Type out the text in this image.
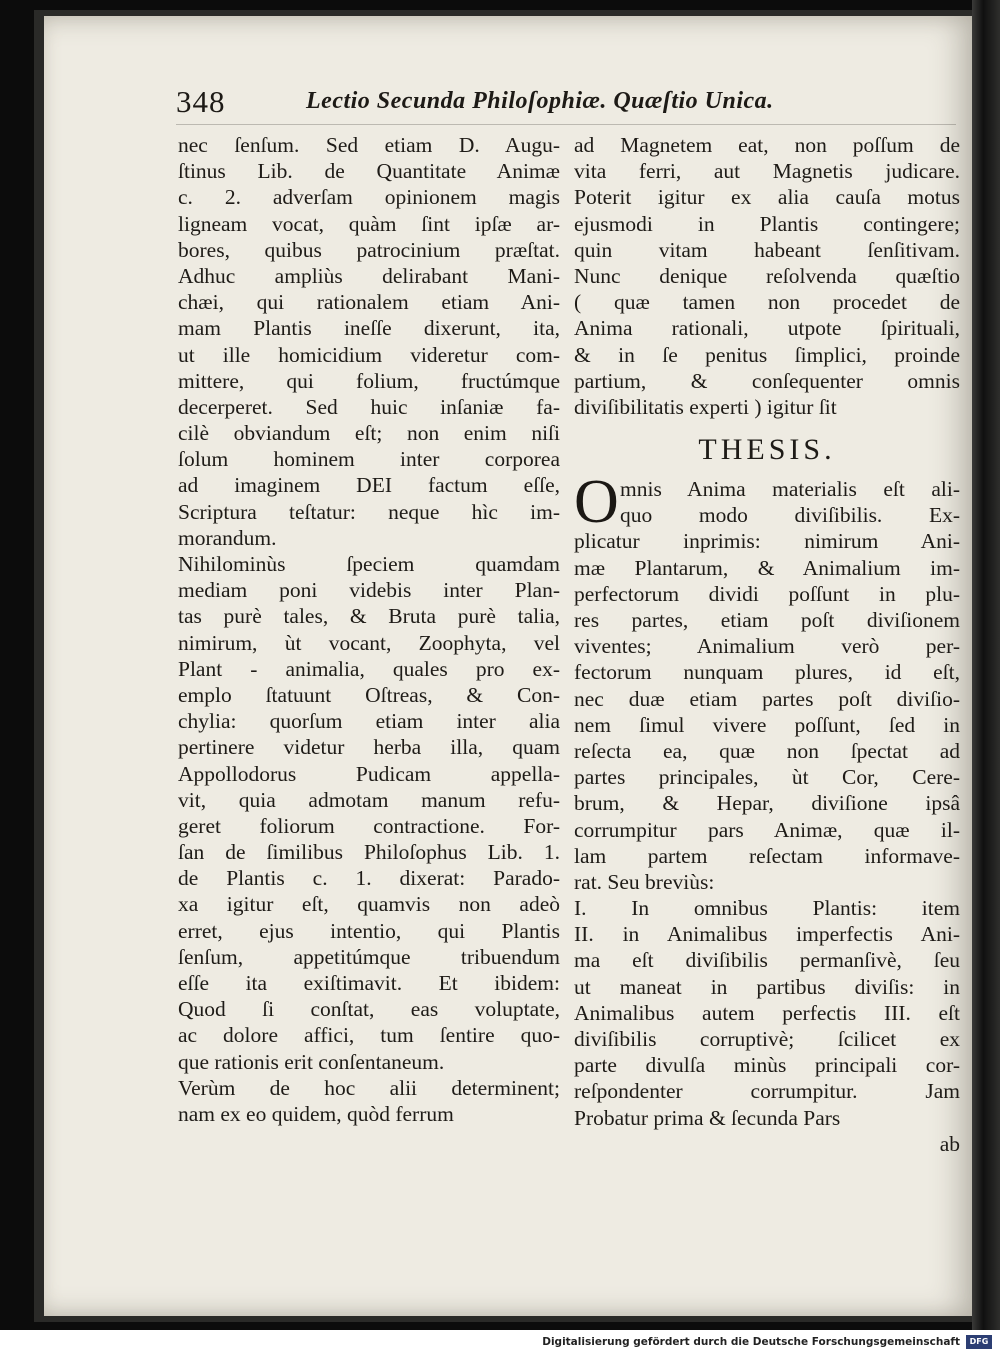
348	Lectio Secunda Philoſophiæ. Quæſtio Unica.
nec ſenſum. Sed etiam D. Augu-
ſtinus Lib. de Quantitate Animæ
c. 2. adverſam opinionem magis
ligneam vocat, quàm ſint ipſæ ar-
bores, quibus patrocinium præſtat.
Adhuc ampliùs delirabant Mani-
chæi, qui rationalem etiam Ani-
mam Plantis ineſſe dixerunt, ita,
ut ille homicidium videretur com-
mittere, qui folium, fructúmque
decerperet. Sed huic inſaniæ fa-
cilè obviandum eſt; non enim niſi
ſolum hominem inter corporea
ad imaginem DEI factum eſſe,
Scriptura teſtatur: neque hìc im-
morandum.
Nihilominùs ſpeciem quamdam
mediam poni videbis inter Plan-
tas purè tales, & Bruta purè talia,
nimirum, ùt vocant, Zoophyta, vel
Plant - animalia, quales pro ex-
emplo ſtatuunt Oſtreas, & Con-
chylia: quorſum etiam inter alia
pertinere videtur herba illa, quam
Appollodorus Pudicam appella-
vit, quia admotam manum refu-
geret foliorum contractione. For-
ſan de ſimilibus Philoſophus Lib. 1.
de Plantis c. 1. dixerat: Parado-
xa igitur eſt, quamvis non adeò
erret, ejus intentio, qui Plantis
ſenſum, appetitúmque tribuendum
eſſe ita exiſtimavit. Et ibidem:
Quod ſi conſtat, eas voluptate,
ac dolore affici, tum ſentire quo-
que rationis erit conſentaneum.
Verùm de hoc alii determinent;
nam ex eo quidem, quòd ferrum
ad Magnetem eat, non poſſum de
vita ferri, aut Magnetis judicare.
Poterit igitur ex alia cauſa motus
ejusmodi in Plantis contingere;
quin vitam habeant ſenſitivam.
Nunc denique reſolvenda quæſtio
( quæ tamen non procedet de
Anima rationali, utpote ſpirituali,
& in ſe penitus ſimplici, proinde
partium, & conſequenter omnis
diviſibilitatis experti ) igitur ſit
THESIS.
O mnis Anima materialis eſt ali-
quo modo diviſibilis. Ex-
plicatur inprimis: nimirum Ani-
mæ Plantarum, & Animalium im-
perfectorum dividi poſſunt in plu-
res partes, etiam poſt diviſionem
viventes; Animalium verò per-
fectorum nunquam plures, id eſt,
nec duæ etiam partes poſt diviſio-
nem ſimul vivere poſſunt, ſed in
reſecta ea, quæ non ſpectat ad
partes principales, ùt Cor, Cere-
brum, & Hepar, diviſione ipsâ
corrumpitur pars Animæ, quæ il-
lam partem reſectam informave-
rat. Seu breviùs:
I. In omnibus Plantis: item
II. in Animalibus imperfectis Ani-
ma eſt diviſibilis permanſivè, ſeu
ut maneat in partibus diviſis: in
Animalibus autem perfectis III. eſt
diviſibilis corruptivè; ſcilicet ex
parte divulſa minùs principali cor-
reſpondenter corrumpitur. Jam
Probatur prima & ſecunda Pars
ab
Digitalisierung gefördert durch die Deutsche Forschungsgemeinschaft	DFG
